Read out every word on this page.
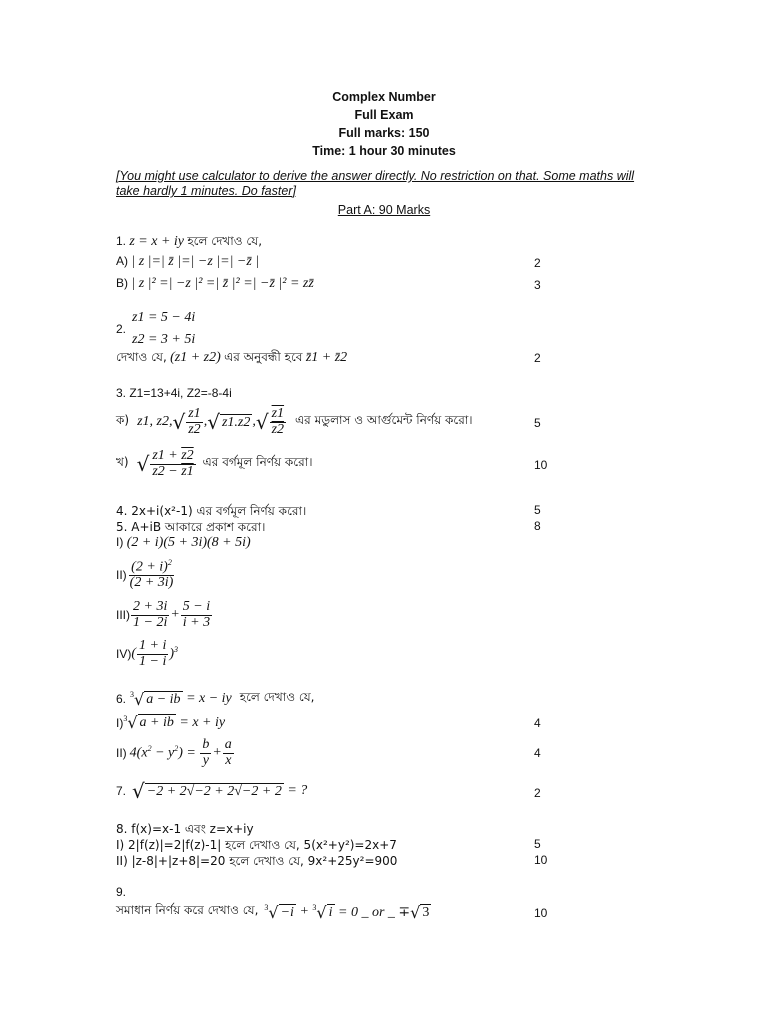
Complex Number
Full Exam
Full marks: 150
Time: 1 hour 30 minutes
[You might use calculator to derive the answer directly. No restriction on that. Some maths will take hardly 1 minutes. Do faster]
Part A: 90 Marks
1. z = x + iy হলে দেখাও যে,
A) | z |=| z̄ |=| −z |=| −z̄ |	2
B) | z |² =| −z |² =| z̄ |² =| −z̄ |² = zz̄	3
z1 = 5 − 4i
2.
z2 = 3 + 5i
দেখাও যে, (z1 + z2) এর অনুবন্ধী হবে z̄1 + z̄2	2
3. Z1=13+4i, Z2=-8-4i
ক) z1, z2, √ $\frac{z1}{z2}$ , √ z1.z2 , √ $\frac{z1}{z2}$ এর মডুলাস ও আর্গুমেন্ট নির্ণয় করো।	5
খ) √ $\frac{z1 + z2}{z2 - z1}$ এর বর্গমূল নির্ণয় করো।	10
4. 2x+i(x²-1) এর বর্গমূল নির্ণয় করো।	5
5. A+iB আকারে প্রকাশ করো।	8
I) (2 + i)(5 + 3i)(8 + 5i)
$II) \frac{(2 + i)^2}{(2 + 3i)}$
$III) \frac{2 + 3i}{1 - 2i} + \frac{5 - i}{i + 3}$
IV) ( $\frac{1 + i}{1 - i} )^3$
6. $^3$ √ a − ib = x − iy হলে দেখাও যে,
I) $^3$ √ a + ib = x + iy	4
II) $4(x^2 - y^2) = \frac{b}{y} + \frac{a}{x}$	4
7. √ −2 + 2√−2 + 2√−2 + 2 = ?	2
8. f(x)=x-1 এবং z=x+iy
I) 2|f(z)|=2|f(z)-1| হলে দেখাও যে, 5(x²+y²)=2x+7	5
II) |z-8|+|z+8|=20 হলে দেখাও যে, 9x²+25y²=900	10
9.
সমাধান নির্ণয় করে দেখাও যে, $^3$ √ −i + $^3$ √ i = 0 _ or _ ∓ √ 3	10
